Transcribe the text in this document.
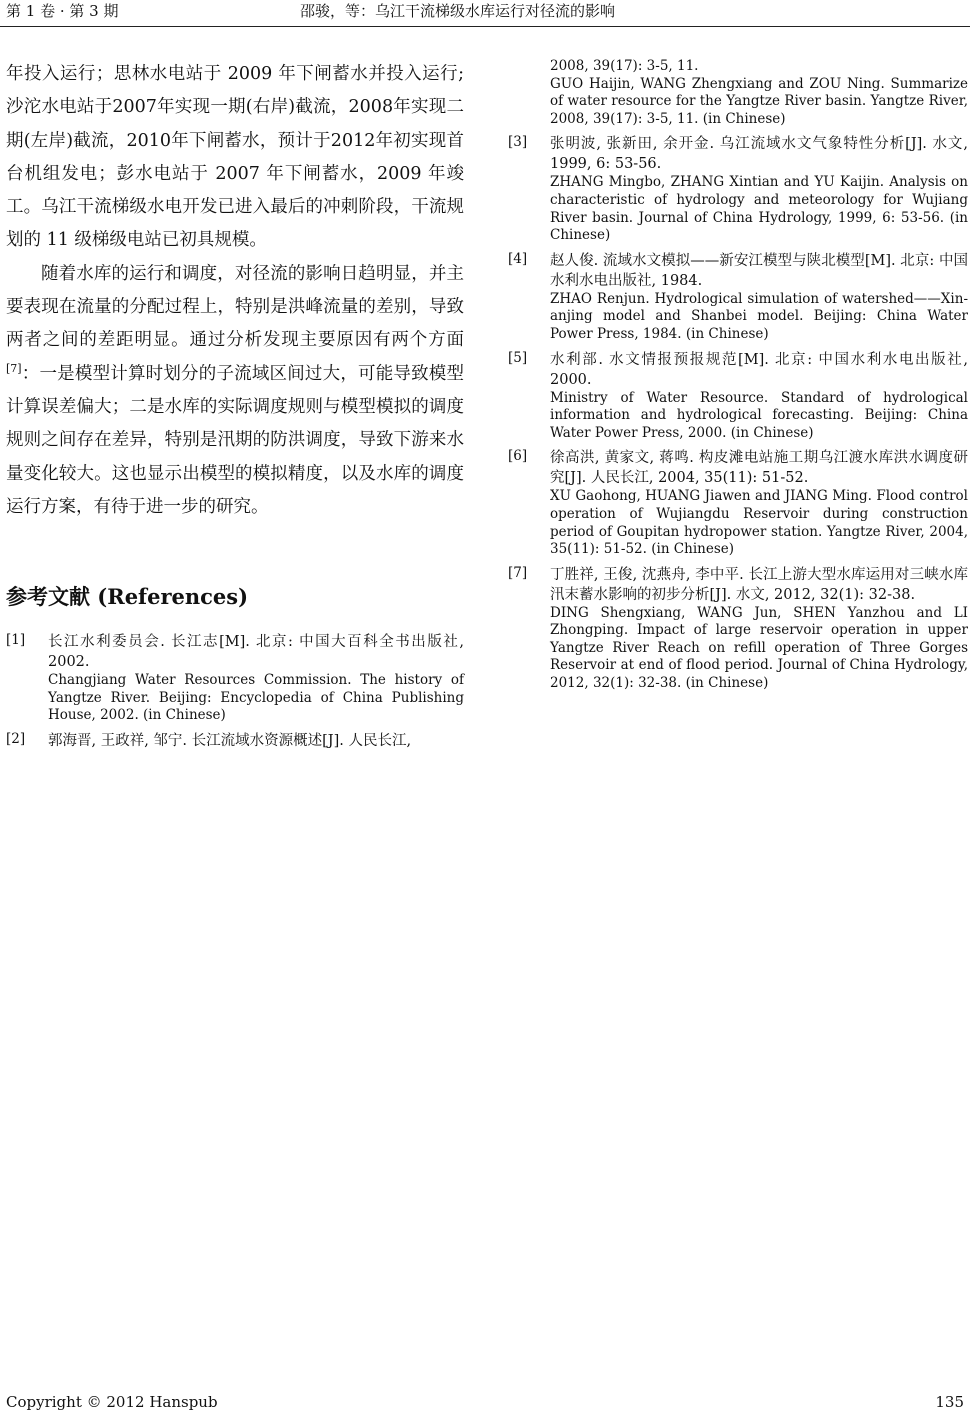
第 1 卷 · 第 3 期	邵骏，等：乌江干流梯级水库运行对径流的影响

年投入运行；思林水电站于 2009 年下闸蓄水并投入运行;沙沱水电站于2007年实现一期(右岸)截流，2008年实现二期(左岸)截流，2010年下闸蓄水，预计于2012年初实现首台机组发电；彭水电站于 2007 年下闸蓄水，2009 年竣工。乌江干流梯级水电开发已进入最后的冲刺阶段，干流规划的 11 级梯级电站已初具规模。

随着水库的运行和调度，对径流的影响日趋明显，并主要表现在流量的分配过程上，特别是洪峰流量的差别，导致两者之间的差距明显。通过分析发现主要原因有两个方面[7]：一是模型计算时划分的子流域区间过大，可能导致模型计算误差偏大；二是水库的实际调度规则与模型模拟的调度规则之间存在差异，特别是汛期的防洪调度，导致下游来水量变化较大。这也显示出模型的模拟精度，以及水库的调度运行方案，有待于进一步的研究。

参考文献 (References)
[1] 长江水利委员会. 长江志[M]. 北京: 中国大百科全书出版社, 2002.
Changjiang Water Resources Commission. The history of Yangtze River. Beijing: Encyclopedia of China Publishing House, 2002. (in Chinese)
[2] 郭海晋, 王政祥, 邹宁. 长江流域水资源概述[J]. 人民长江,
2008, 39(17): 3-5, 11.
GUO Haijin, WANG Zhengxiang and ZOU Ning. Summarize of water resource for the Yangtze River basin. Yangtze River, 2008, 39(17): 3-5, 11. (in Chinese)
[3] 张明波, 张新田, 余开金. 乌江流域水文气象特性分析[J]. 水文, 1999, 6: 53-56.
ZHANG Mingbo, ZHANG Xintian and YU Kaijin. Analysis on characteristic of hydrology and meteorology for Wujiang River basin. Journal of China Hydrology, 1999, 6: 53-56. (in Chinese)
[4] 赵人俊. 流域水文模拟——新安江模型与陕北模型[M]. 北京: 中国水利水电出版社, 1984.
ZHAO Renjun. Hydrological simulation of watershed——Xinanjing model and Shanbei model. Beijing: China Water Power Press, 1984. (in Chinese)
[5] 水利部. 水文情报预报规范[M]. 北京: 中国水利水电出版社, 2000.
Ministry of Water Resource. Standard of hydrological information and hydrological forecasting. Beijing: China Water Power Press, 2000. (in Chinese)
[6] 徐高洪, 黄家文, 蒋鸣. 构皮滩电站施工期乌江渡水库洪水调度研究[J]. 人民长江, 2004, 35(11): 51-52.
XU Gaohong, HUANG Jiawen and JIANG Ming. Flood control operation of Wujiangdu Reservoir during construction period of Goupitan hydropower station. Yangtze River, 2004, 35(11): 51-52. (in Chinese)
[7] 丁胜祥, 王俊, 沈燕舟, 李中平. 长江上游大型水库运用对三峡水库汛末蓄水影响的初步分析[J]. 水文, 2012, 32(1): 32-38.
DING Shengxiang, WANG Jun, SHEN Yanzhou and LI Zhongping. Impact of large reservoir operation in upper Yangtze River Reach on refill operation of Three Gorges Reservoir at end of flood period. Journal of China Hydrology, 2012, 32(1): 32-38. (in Chinese)
Copyright © 2012 Hanspub	135
